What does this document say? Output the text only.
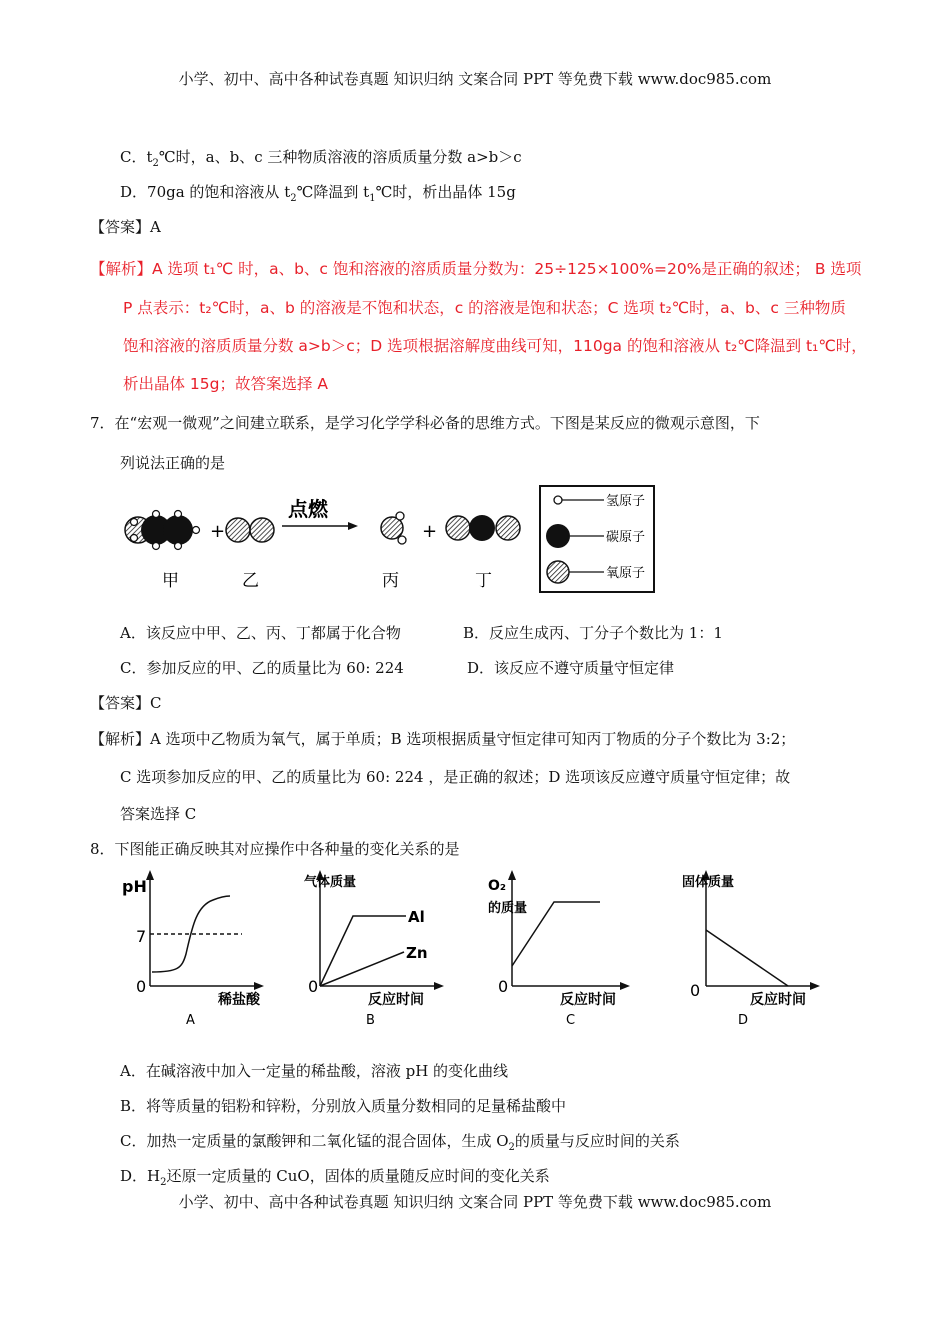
小学、初中、高中各种试卷真题 知识归纳 文案合同 PPT 等免费下载 www.doc985.com
C．$t_2℃$时，a、b、c 三种物质溶液的溶质质量分数 a>b＞c
D．70ga 的饱和溶液从 $t_2℃$降温到 $t_1℃$时，析出晶体 15g
【答案】A
【解析】A 选项 t₁℃ 时，a、b、c 饱和溶液的溶质质量分数为：25÷125×100%=20%是正确的叙述； B 选项
P 点表示：t₂℃时，a、b 的溶液是不饱和状态，c 的溶液是饱和状态；C 选项 t₂℃时，a、b、c 三种物质
饱和溶液的溶质质量分数 a>b＞c；D 选项根据溶解度曲线可知，110ga 的饱和溶液从 t₂℃降温到 t₁℃时，
析出晶体 15g；故答案选择 A
7．在“宏观一微观”之间建立联系，是学习化学学科必备的思维方式。下图是某反应的微观示意图，下
列说法正确的是
+
点燃
+
甲	乙	丙	丁
氢原子
碳原子
氧原子
A．该反应中甲、乙、丙、丁都属于化合物	B．反应生成丙、丁分子个数比为 1：1
C．参加反应的甲、乙的质量比为 60: 224	D．该反应不遵守质量守恒定律
【答案】C
【解析】A 选项中乙物质为氧气，属于单质；B 选项根据质量守恒定律可知丙丁物质的分子个数比为 3:2；
C 选项参加反应的甲、乙的质量比为 60: 224 ，是正确的叙述；D 选项该反应遵守质量守恒定律；故
答案选择 C
8．下图能正确反映其对应操作中各种量的变化关系的是
pH
7
0
稀盐酸
A
气体质量
0
Al
Zn
反应时间
B
O₂
的质量
0
反应时间
C
固体质量
0	反应时间
D
A．在碱溶液中加入一定量的稀盐酸，溶液 pH 的变化曲线
B．将等质量的铝粉和锌粉，分别放入质量分数相同的足量稀盐酸中
C．加热一定质量的氯酸钾和二氧化锰的混合固体，生成 $O_2$的质量与反应时间的关系
D．$H_2$还原一定质量的 CuO，固体的质量随反应时间的变化关系
小学、初中、高中各种试卷真题 知识归纳 文案合同 PPT 等免费下载 www.doc985.com
